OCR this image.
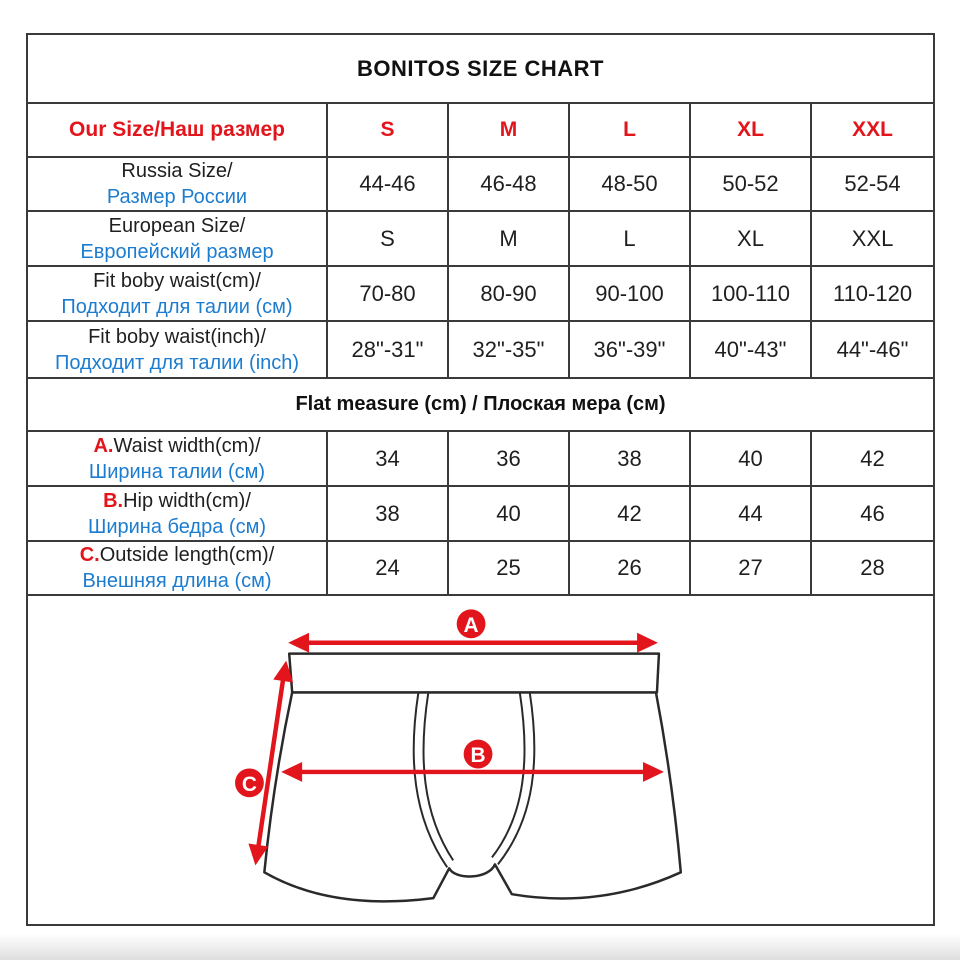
BONITOS SIZE CHART					
Our Size/Наш размер	S	M	L	XL	XXL
Russia Size/
Размер России	44-46	46-48	48-50	50-52	52-54
European Size/
Европейский размер	S	M	L	XL	XXL
Fit boby waist(cm)/
Подходит для талии (см)	70-80	80-90	90-100	100-110	110-120
Fit boby waist(inch)/
Подходит для талии (inch)	28"-31"	32"-35"	36"-39"	40"-43"	44"-46"
Flat measure (cm) / Плоская мера (см)					
A.Waist width(cm)/
Ширина талии (см)	34	36	38	40	42
B.Hip width(cm)/
Ширина бедра (см)	38	40	42	44	46
C.Outside length(cm)/
Внешняя длина (см)	24	25	26	27	28

A
B
C					
